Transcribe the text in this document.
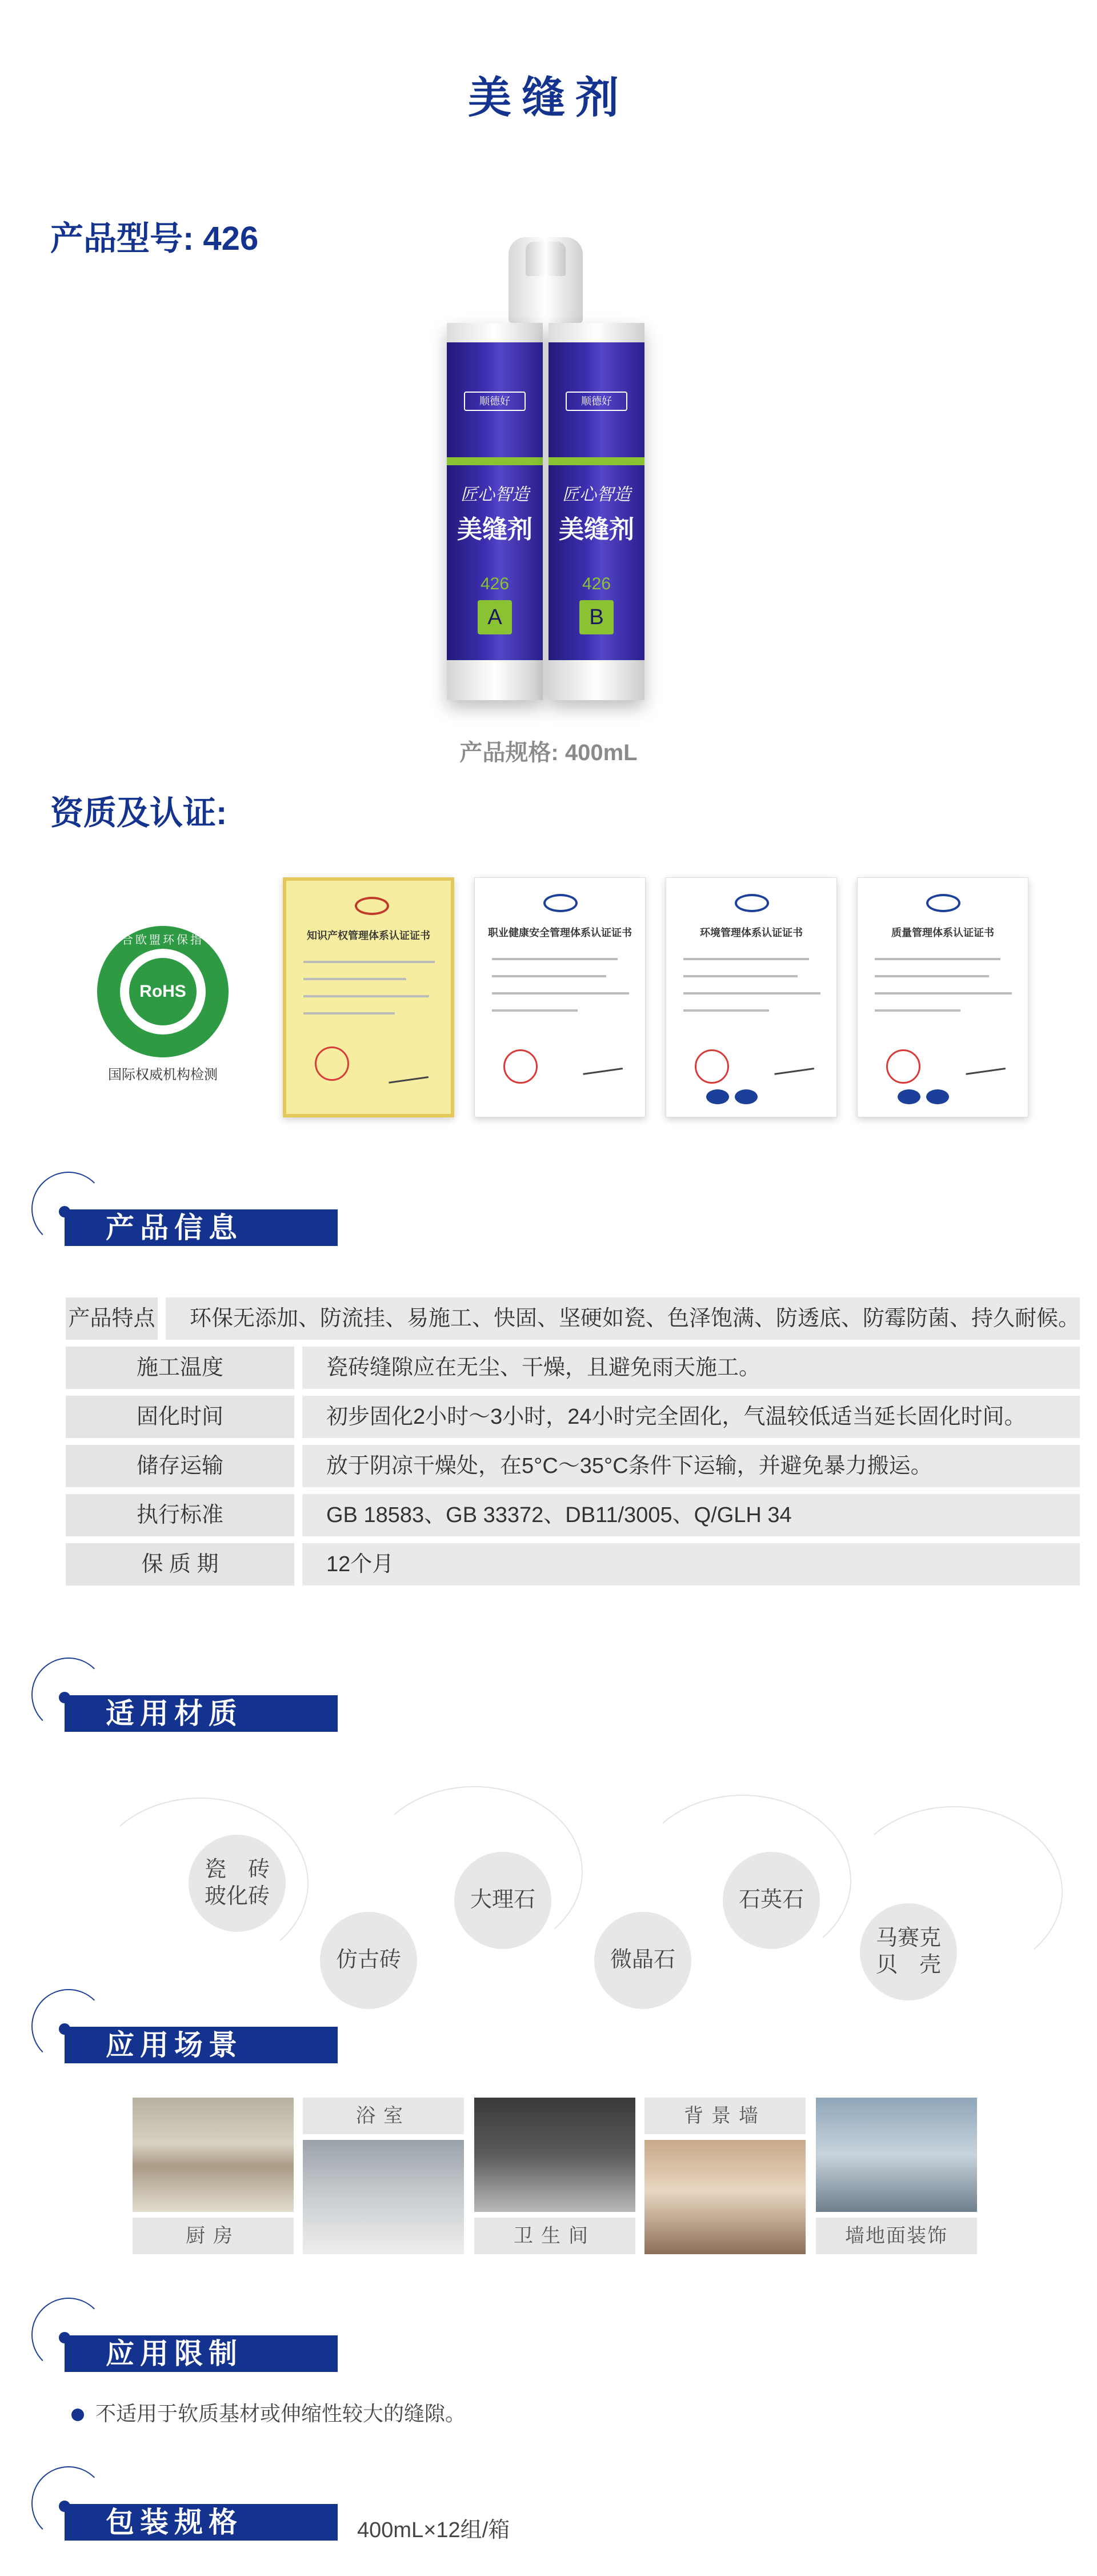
美缝剂
产品型号: 426
顺德好
匠心智造
美缝剂
426
A
顺德好
匠心智造
美缝剂
426
B
产品规格: 400mL
资质及认证:
符合欧盟环保指令
RoHS
国际权威机构检测
知识产权管理体系认证证书	职业健康安全管理体系认证证书	环境管理体系认证证书	质量管理体系认证证书
产品信息
产品特点	环保无添加、防流挂、易施工、快固、坚硬如瓷、色泽饱满、防透底、防霉防菌、持久耐候。
施工温度	瓷砖缝隙应在无尘、干燥，且避免雨天施工。
固化时间	初步固化2小时～3小时，24小时完全固化，气温较低适当延长固化时间。
储存运输	放于阴凉干燥处，在5°C～35°C条件下运输，并避免暴力搬运。
执行标准	GB 18583、GB 33372、DB11/3005、Q/GLH 34
保 质 期	12个月
适用材质
瓷　砖
玻化砖
仿古砖
大理石
微晶石
石英石
马赛克
贝　壳
应用场景
厨房
浴室
卫生间
背景墙
墙地面装饰
应用限制
不适用于软质基材或伸缩性较大的缝隙。
包装规格	400mL×12组/箱
